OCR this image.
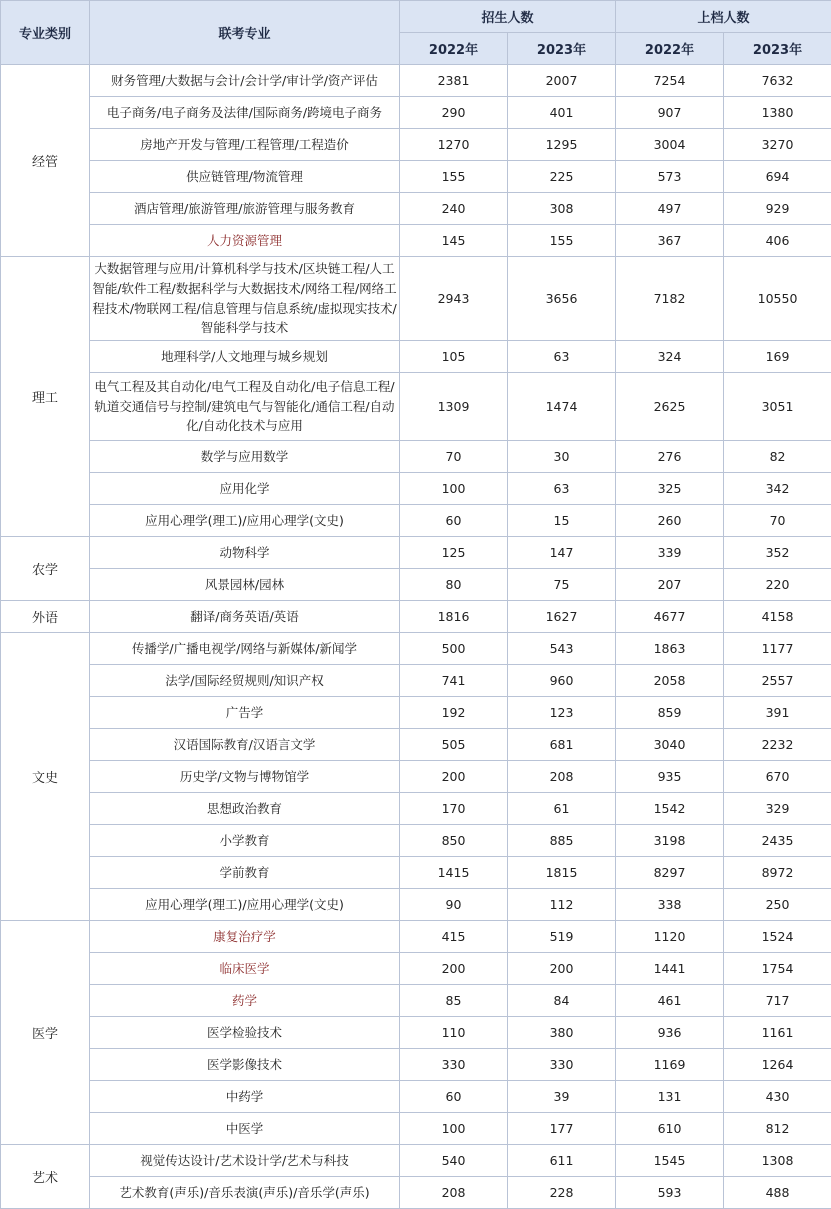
专业类别	联考专业	招生人数		上档人数	
		2022年	2023年	2022年	2023年
经管	财务管理/大数据与会计/会计学/审计学/资产评估	2381	2007	7254	7632
	电子商务/电子商务及法律/国际商务/跨境电子商务	290	401	907	1380
	房地产开发与管理/工程管理/工程造价	1270	1295	3004	3270
	供应链管理/物流管理	155	225	573	694
	酒店管理/旅游管理/旅游管理与服务教育	240	308	497	929
	人力资源管理	145	155	367	406
理工	大数据管理与应用/计算机科学与技术/区块链工程/人工智能/软件工程/数据科学与大数据技术/网络工程/网络工程技术/物联网工程/信息管理与信息系统/虚拟现实技术/智能科学与技术	2943	3656	7182	10550
	地理科学/人文地理与城乡规划	105	63	324	169
	电气工程及其自动化/电气工程及自动化/电子信息工程/轨道交通信号与控制/建筑电气与智能化/通信工程/自动化/自动化技术与应用	1309	1474	2625	3051
	数学与应用数学	70	30	276	82
	应用化学	100	63	325	342
	应用心理学(理工)/应用心理学(文史)	60	15	260	70
农学	动物科学	125	147	339	352
	风景园林/园林	80	75	207	220
外语	翻译/商务英语/英语	1816	1627	4677	4158
文史	传播学/广播电视学/网络与新媒体/新闻学	500	543	1863	1177
	法学/国际经贸规则/知识产权	741	960	2058	2557
	广告学	192	123	859	391
	汉语国际教育/汉语言文学	505	681	3040	2232
	历史学/文物与博物馆学	200	208	935	670
	思想政治教育	170	61	1542	329
	小学教育	850	885	3198	2435
	学前教育	1415	1815	8297	8972
	应用心理学(理工)/应用心理学(文史)	90	112	338	250
医学	康复治疗学	415	519	1120	1524
	临床医学	200	200	1441	1754
	药学	85	84	461	717
	医学检验技术	110	380	936	1161
	医学影像技术	330	330	1169	1264
	中药学	60	39	131	430
	中医学	100	177	610	812
艺术	视觉传达设计/艺术设计学/艺术与科技	540	611	1545	1308
	艺术教育(声乐)/音乐表演(声乐)/音乐学(声乐)	208	228	593	488
